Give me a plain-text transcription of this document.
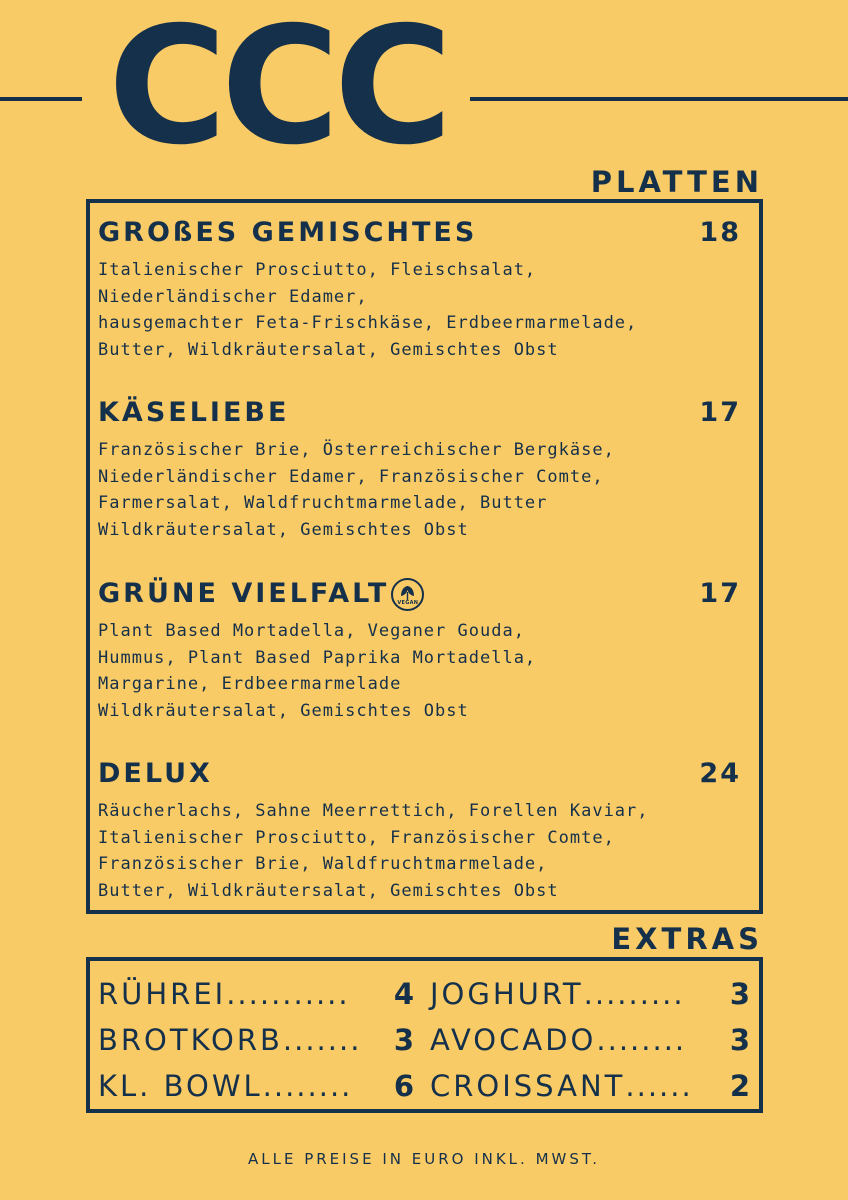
CCC
PLATTEN
GROßES GEMISCHTES	18
Italienischer Prosciutto, Fleischsalat,
Niederländischer Edamer,
hausgemachter Feta-Frischkäse, Erdbeermarmelade,
Butter, Wildkräutersalat, Gemischtes Obst
KÄSELIEBE	17
Französischer Brie, Österreichischer Bergkäse,
Niederländischer Edamer, Französischer Comte,
Farmersalat, Waldfruchtmarmelade, Butter
Wildkräutersalat, Gemischtes Obst
GRÜNE VIELFALT	VEGAN	17
Plant Based Mortadella, Veganer Gouda,
Hummus, Plant Based Paprika Mortadella,
Margarine, Erdbeermarmelade
Wildkräutersalat, Gemischtes Obst
DELUX	24
Räucherlachs, Sahne Meerrettich, Forellen Kaviar,
Italienischer Prosciutto, Französischer Comte,
Französischer Brie, Waldfruchtmarmelade,
Butter, Wildkräutersalat, Gemischtes Obst
EXTRAS
RÜHREI ...........	4 JOGHURT .........	3
BROTKORB .......	3 AVOCADO ........	3
KL. BOWL ........	6 CROISSANT ......	2
ALLE PREISE IN EURO INKL. MWST.
